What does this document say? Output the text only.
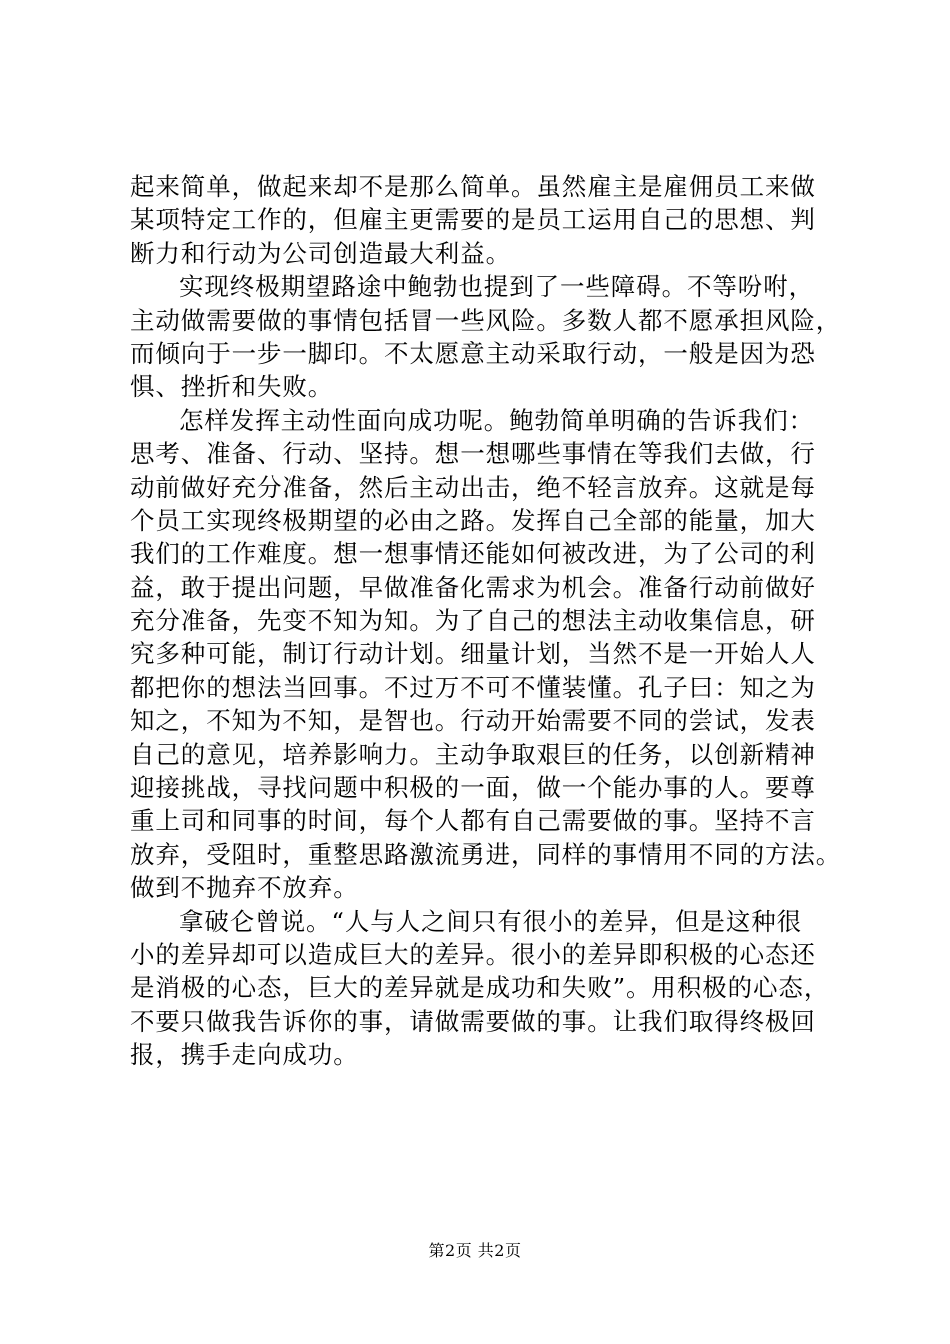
起来简单，做起来却不是那么简单。虽然雇主是雇佣员工来做
某项特定工作的，但雇主更需要的是员工运用自己的思想、判
断力和行动为公司创造最大利益。
实现终极期望路途中鲍勃也提到了一些障碍。不等吩咐，
主动做需要做的事情包括冒一些风险。多数人都不愿承担风险，
而倾向于一步一脚印。不太愿意主动采取行动，一般是因为恐
惧、挫折和失败。
怎样发挥主动性面向成功呢。鲍勃简单明确的告诉我们：
思考、准备、行动、坚持。想一想哪些事情在等我们去做，行
动前做好充分准备，然后主动出击，绝不轻言放弃。这就是每
个员工实现终极期望的必由之路。发挥自己全部的能量，加大
我们的工作难度。想一想事情还能如何被改进，为了公司的利
益，敢于提出问题，早做准备化需求为机会。准备行动前做好
充分准备，先变不知为知。为了自己的想法主动收集信息，研
究多种可能，制订行动计划。细量计划，当然不是一开始人人
都把你的想法当回事。不过万不可不懂装懂。孔子曰：知之为
知之，不知为不知，是智也。行动开始需要不同的尝试，发表
自己的意见，培养影响力。主动争取艰巨的任务，以创新精神
迎接挑战，寻找问题中积极的一面，做一个能办事的人。要尊
重上司和同事的时间，每个人都有自己需要做的事。坚持不言
放弃，受阻时，重整思路激流勇进，同样的事情用不同的方法。
做到不抛弃不放弃。
拿破仑曾说。“人与人之间只有很小的差异，但是这种很
小的差异却可以造成巨大的差异。很小的差异即积极的心态还
是消极的心态，巨大的差异就是成功和失败”。用积极的心态，
不要只做我告诉你的事，请做需要做的事。让我们取得终极回
报，携手走向成功。
第2页 共2页
